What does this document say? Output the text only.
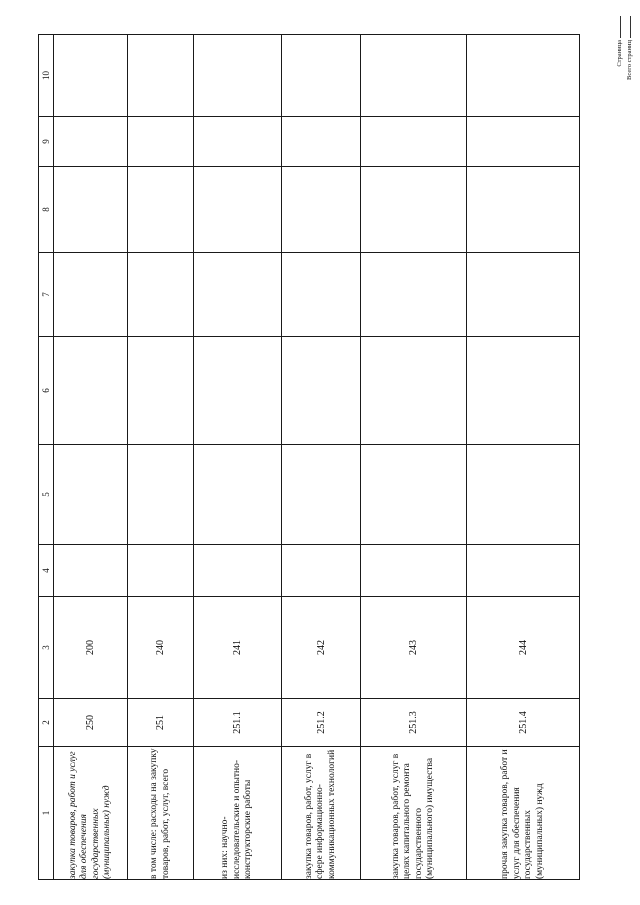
1	2	3	4	5	6	7	8	9	10
закупка товаров, работ и услуг для обеспечения государственных (муниципальных) нужд	250	200							
в том числе: расходы на закупку товаров, работ, услуг, всего	251	240							
из них: научно-исследовательские и опытно-конструкторские работы	251.1	241							
закупка товаров, работ, услуг в сфере информационно-коммуникационных технологий	251.2	242							
закупка товаров, работ, услуг в целях капитального ремонта государственного (муниципального) имущества	251.3	243							
прочая закупка товаров, работ и услуг для обеспечения государственных (муниципальных) нужд	251.4	244							
Страница Всего страниц
